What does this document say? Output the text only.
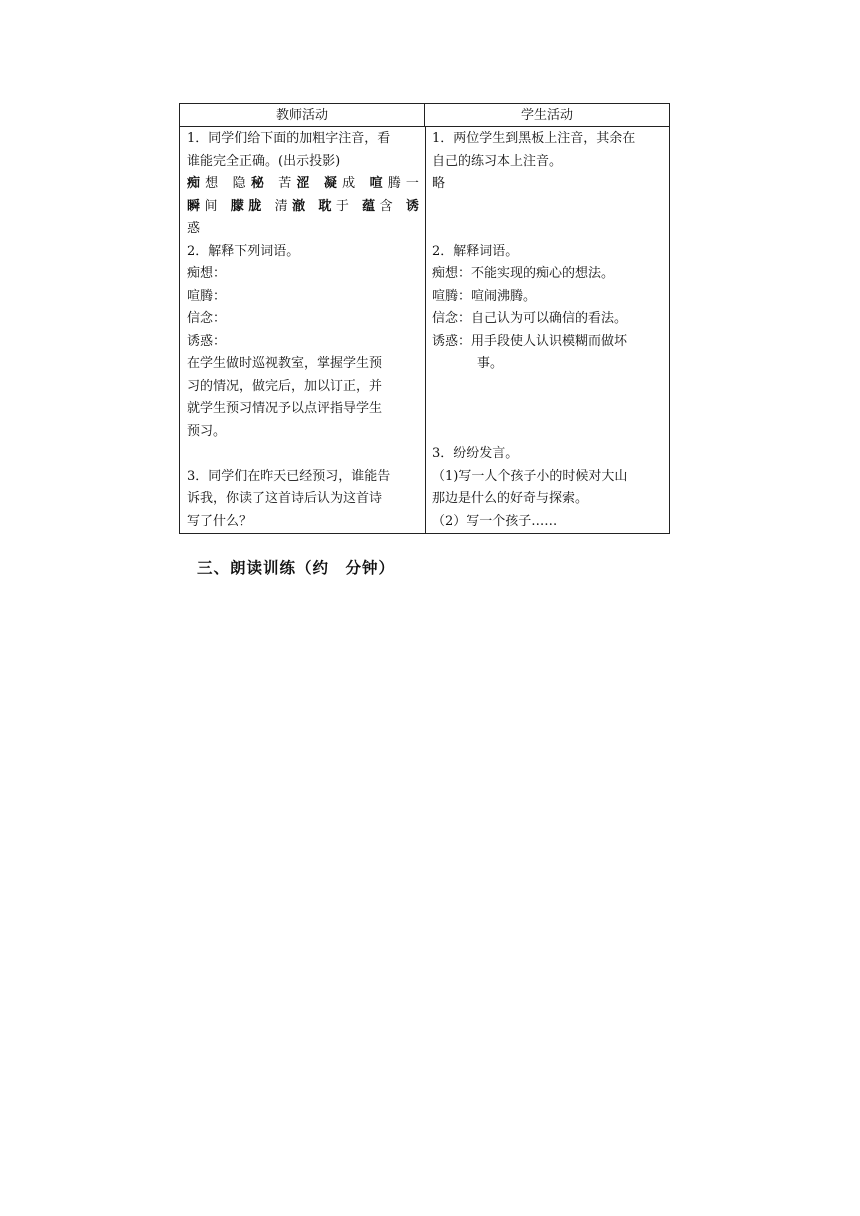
教师活动	学生活动
1．同学们给下面的加粗字注音，看
谁能完全正确。(出示投影)
痴想 隐秘 苦涩 凝成 喧腾一
瞬间 朦胧 清澈 耽于 蕴含 诱
惑
2．解释下列词语。
痴想：
喧腾：
信念：
诱惑：
在学生做时巡视教室，掌握学生预
习的情况，做完后，加以订正，并
就学生预习情况予以点评指导学生
预习。
3．同学们在昨天已经预习，谁能告
诉我，你读了这首诗后认为这首诗
写了什么？
1．两位学生到黑板上注音，其余在
自己的练习本上注音。
略
2．解释词语。
痴想：不能实现的痴心的想法。
喧腾：喧闹沸腾。
信念：自己认为可以确信的看法。
诱惑：用手段使人认识模糊而做坏
事。
3．纷纷发言。
（1)写一人个孩子小的时候对大山
那边是什么的好奇与探索。
（2）写一个孩子……
三、朗读训练（约　分钟）
